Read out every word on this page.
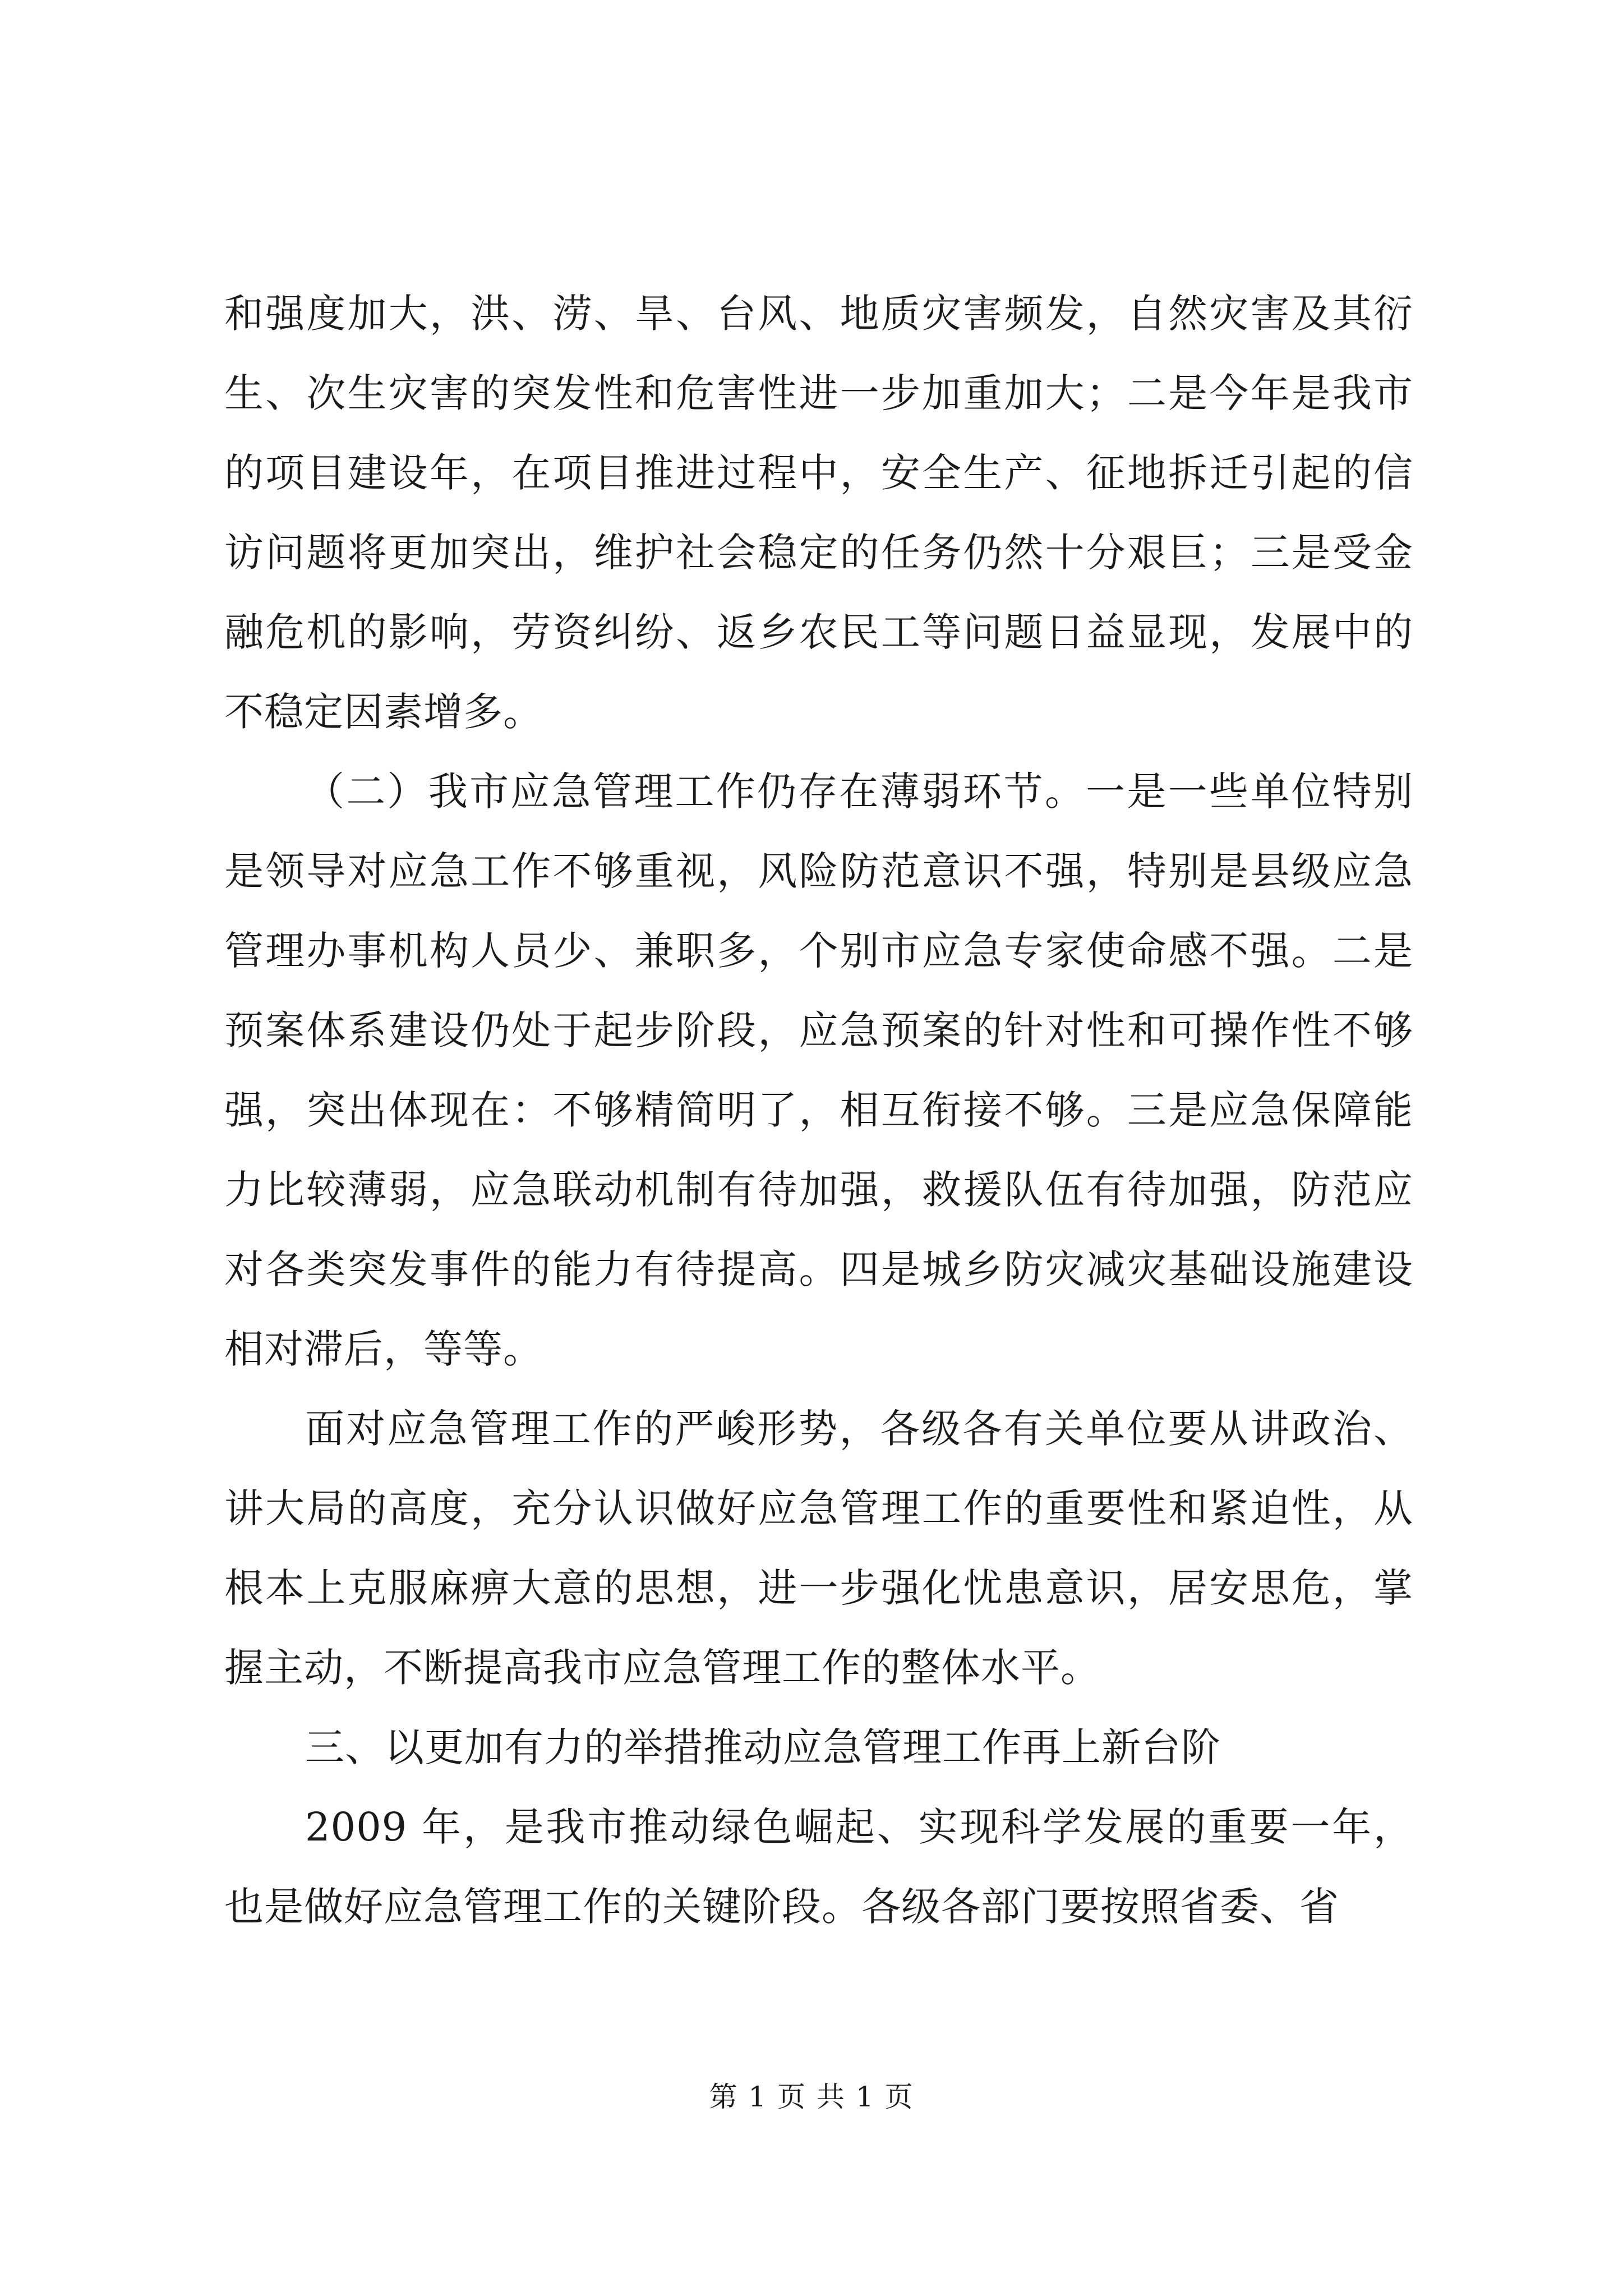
和强度加大，洪、涝、旱、台风、地质灾害频发，自然灾害及其衍生、次生灾害的突发性和危害性进一步加重加大；二是今年是我市的项目建设年，在项目推进过程中，安全生产、征地拆迁引起的信访问题将更加突出，维护社会稳定的任务仍然十分艰巨；三是受金融危机的影响，劳资纠纷、返乡农民工等问题日益显现，发展中的不稳定因素增多。

（二）我市应急管理工作仍存在薄弱环节。一是一些单位特别是领导对应急工作不够重视，风险防范意识不强，特别是县级应急管理办事机构人员少、兼职多，个别市应急专家使命感不强。二是预案体系建设仍处于起步阶段，应急预案的针对性和可操作性不够强，突出体现在：不够精简明了，相互衔接不够。三是应急保障能力比较薄弱，应急联动机制有待加强，救援队伍有待加强，防范应对各类突发事件的能力有待提高。四是城乡防灾减灾基础设施建设相对滞后，等等。

面对应急管理工作的严峻形势，各级各有关单位要从讲政治、讲大局的高度，充分认识做好应急管理工作的重要性和紧迫性，从根本上克服麻痹大意的思想，进一步强化忧患意识，居安思危，掌握主动，不断提高我市应急管理工作的整体水平。

三、以更加有力的举措推动应急管理工作再上新台阶

2009 年，是我市推动绿色崛起、实现科学发展的重要一年，也是做好应急管理工作的关键阶段。各级各部门要按照省委、省

第 1 页 共 1 页
